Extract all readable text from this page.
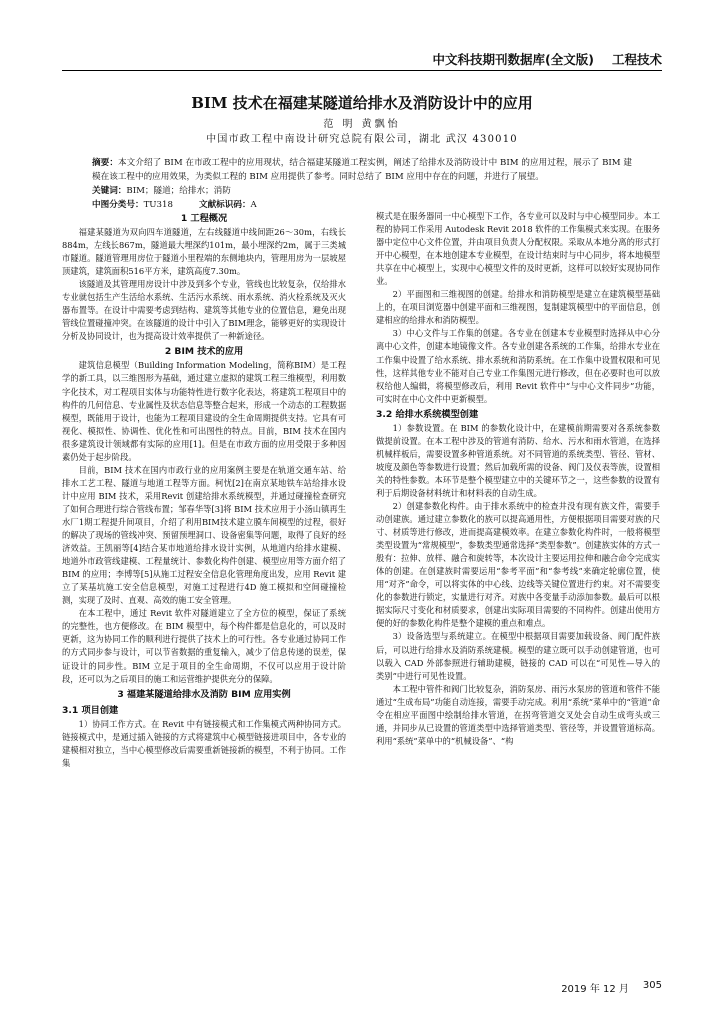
中文科技期刊数据库(全文版) 工程技术
BIM 技术在福建某隧道给排水及消防设计中的应用
范 明 黄飘怡
中国市政工程中南设计研究总院有限公司，湖北 武汉 430010

摘要：本文介绍了 BIM 在市政工程中的应用现状，结合福建某隧道工程实例，阐述了给排水及消防设计中 BIM 的应用过程，展示了 BIM 建模在该工程中的应用效果，为类似工程的 BIM 应用提供了参考。同时总结了 BIM 应用中存在的问题，并进行了展望。

关键词：BIM；隧道；给排水；消防

中图分类号：TU318	文献标识码：A

1 工程概况

福建某隧道为双向四车道隧道，左右线隧道中线间距26～30m，右线长884m，左线长867m，隧道最大埋深约101m，最小埋深约2m，属于三类城市隧道。隧道管理用房位于隧道小里程端的东侧地块内，管理用房为一层坡屋顶建筑，建筑面积516平方米，建筑高度7.30m。

该隧道及其管理用房设计中涉及到多个专业，管线也比较复杂，仅给排水专业就包括生产生活给水系统、生活污水系统、雨水系统、消火栓系统及灭火器布置等。在设计中需要考虑到结构、建筑等其他专业的位置信息，避免出现管线位置碰撞冲突。在该隧道的设计中引入了BIM理念，能够更好的实现设计分析及协同设计，也为提高设计效率提供了一种新途径。

2 BIM 技术的应用

建筑信息模型（Building Information Modeling，简称BIM）是工程学的新工具，以三维图形为基础，通过建立虚拟的建筑工程三维模型，利用数字化技术，对工程项目实体与功能特性进行数字化表达，将建筑工程项目中的构件的几何信息、专业属性及状态信息等整合起来，形成一个动态的工程数据模型，既能用于设计，也能为工程项目建设的全生命周期提供支持。它具有可视化、模拟性、协调性、优化性和可出图性的特点。目前，BIM 技术在国内很多建筑设计领域都有实际的应用[1]。但是在市政方面的应用受限于多种因素仍处于起步阶段。

目前，BIM 技术在国内市政行业的应用案例主要是在轨道交通车站、给排水工艺工程、隧道与地道工程等方面。柯忧[2]在南京某地铁车站给排水设计中应用 BIM 技术，采用Revit 创建给排水系统模型，并通过碰撞检查研究了如何合理进行综合管线布置；邹春华等[3]将 BIM 技术应用于小汤山镇再生水厂1期工程提升间项目，介绍了利用BIM技术建立膜车间模型的过程，很好的解决了现场的管线冲突、预留预埋洞口、设备密集等问题，取得了良好的经济效益。王凯丽等[4]结合某市地道给排水设计实例，从地道内给排水建模、地道外市政管线建模、工程量统计、参数化构件创建、模型应用等方面介绍了 BIM 的应用；李博等[5]从施工过程安全信息化管理角度出发，应用 Revit 建立了某基坑施工安全信息模型，对施工过程进行4D 施工模拟和空间碰撞检测，实现了及时、直观、高效的施工安全管理。

在本工程中，通过 Revit 软件对隧道建立了全方位的模型，保证了系统的完整性，也方便修改。在 BIM 模型中，每个构件都是信息化的，可以及时更新，这为协同工作的顺利进行提供了技术上的可行性。各专业通过协同工作的方式同步参与设计，可以节省数据的重复输入，减少了信息传递的误差，保证设计的同步性。BIM 立足于项目的全生命周期，不仅可以应用于设计阶段，还可以为之后项目的施工和运营维护提供充分的保障。

3 福建某隧道给排水及消防 BIM 应用实例
3.1 项目创建

1）协同工作方式。在 Revit 中有链接模式和工作集模式两种协同方式。链接模式中，是通过插入链接的方式将建筑中心模型链接进项目中，各专业的建模相对独立，当中心模型修改后需要重新链接新的模型，不利于协同。工作集

模式是在服务器同一中心模型下工作，各专业可以及时与中心模型同步。本工程的协同工作采用 Autodesk Revit 2018 软件的工作集模式来实现。在服务器中定位中心文件位置，并由项目负责人分配权限。采取从本地分离的形式打开中心模型，在本地创建本专业模型，在设计结束时与中心同步，将本地模型共享在中心模型上，实现中心模型文件的及时更新，这样可以较好实现协同作业。

2）平面图和三维视图的创建。给排水和消防模型是建立在建筑模型基础上的，在项目浏览器中创建平面和三维视图，复制建筑模型中的平面信息，创建相应的给排水和消防模型。

3）中心文件与工作集的创建。各专业在创建本专业模型时选择从中心分离中心文件，创建本地镜像文件。各专业创建各系统的工作集，给排水专业在工作集中设置了给水系统、排水系统和消防系统。在工作集中设置权限和可见性，这样其他专业不能对自己专业工作集图元进行修改，但在必要时也可以放权给他人编辑，将模型修改后，利用 Revit 软件中“与中心文件同步”功能，可实时在中心文件中更新模型。

3.2 给排水系统模型创建

1）参数设置。在 BIM 的参数化设计中，在建模前期需要对各系统参数做提前设置。在本工程中涉及的管道有消防、给水、污水和雨水管道，在选择机械样板后，需要设置多种管道系统。对不同管道的系统类型、管径、管材、坡度及颜色等参数进行设置；然后加载所需的设备、阀门及仪表等族，设置相关的特性参数。本环节是整个模型建立中的关键环节之一，这些参数的设置有利于后期设备材料统计和材料表的自动生成。

2）创建参数化构件。由于排水系统中的检查井没有现有族文件，需要手动创建族。通过建立参数化的族可以提高通用性，方便根据项目需要对族的尺寸、材质等进行修改，进而提高建模效率。在建立参数化构件时，一般将模型类型设置为“常规模型”，参数类型通常选择“类型参数”。创建族实体的方式一般有：拉伸、放样、融合和旋转等，本次设计主要运用拉伸和融合命令完成实体的创建。在创建族时需要运用“参考平面”和“参考线”来确定轮廓位置，使用“对齐”命令，可以将实体的中心线、边线等关键位置进行约束。对不需要变化的参数进行锁定，实量进行对齐。对族中各变量手动添加参数。最后可以根据实际尺寸变化和材质要求，创建出实际项目需要的不同构件。创建出使用方便的好的参数化构件是整个建模的重点和难点。

3）设备选型与系统建立。在模型中根据项目需要加载设备、阀门配件族后，可以进行给排水及消防系统建模。模型的建立既可以手动创建管道，也可以载入 CAD 外部参照进行辅助建模，链接的 CAD 可以在“可见性—导入的类别”中进行可见性设置。

本工程中管件和阀门比较复杂，消防泵房、雨污水泵房的管道和管件不能通过“生成布局”功能自动连接，需要手动完成。利用“系统”菜单中的“管道”命令在相应平面图中绘制给排水管道，在拐弯管道交叉处会自动生成弯头或三通，并同步从已设置的管道类型中选择管道类型、管径等，并设置管道标高。利用“系统”菜单中的“机械设备”、“构

2019 年 12 月 305
